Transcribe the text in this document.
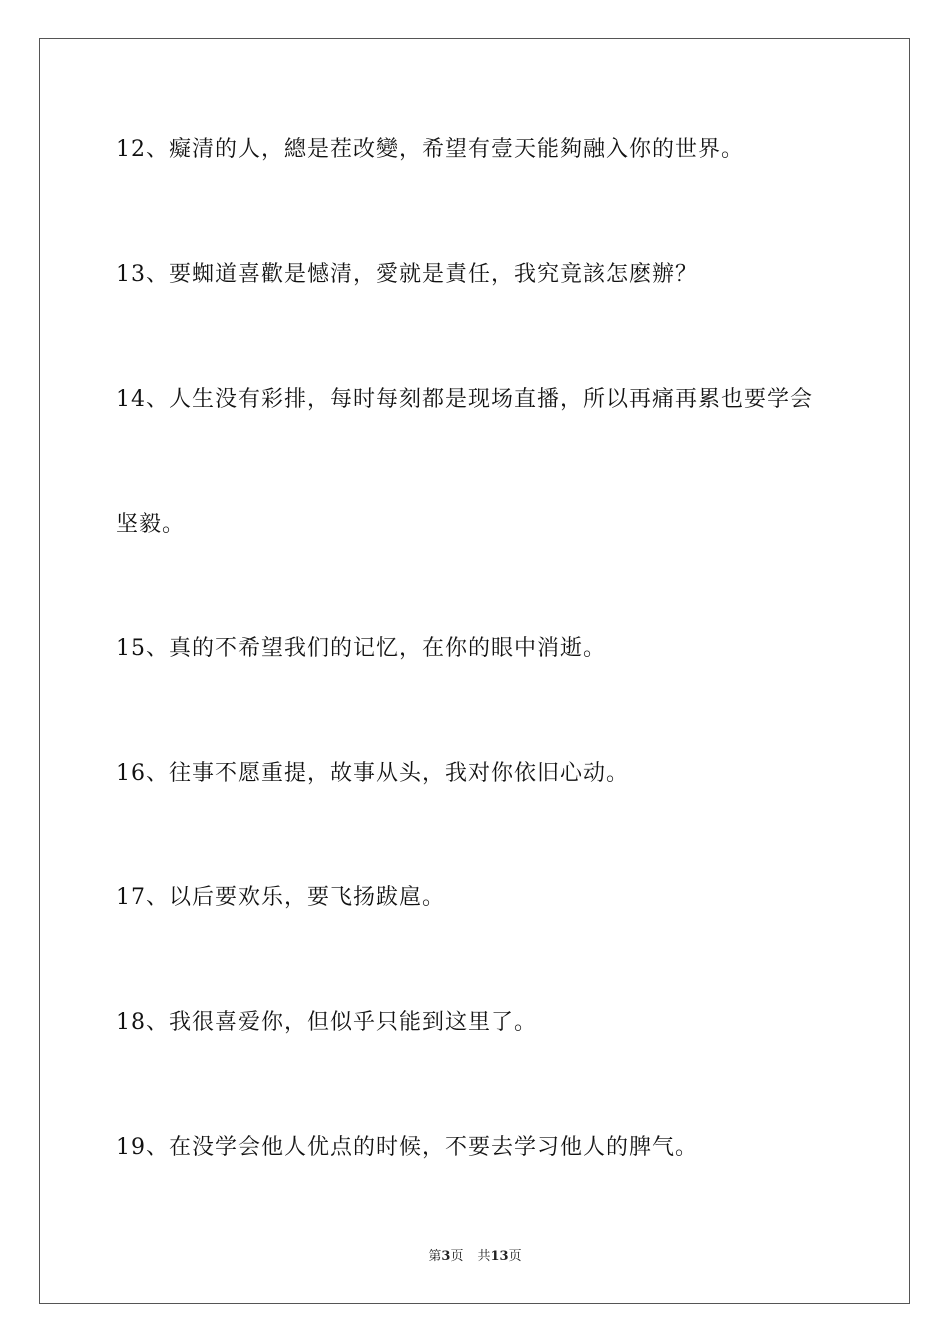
12、癡清的人，總是茬改變，希望有壹天能夠融入你的世界。
13、要蜘道喜歡是憾清，愛就是責任，我究竟該怎麽辦？
14、人生没有彩排，每时每刻都是现场直播，所以再痛再累也要学会
坚毅。
15、真的不希望我们的记忆，在你的眼中消逝。
16、往事不愿重提，故事从头，我对你依旧心动。
17、以后要欢乐，要飞扬跋扈。
18、我很喜爱你，但似乎只能到这里了。
19、在没学会他人优点的时候，不要去学习他人的脾气。
第3页 共13页
